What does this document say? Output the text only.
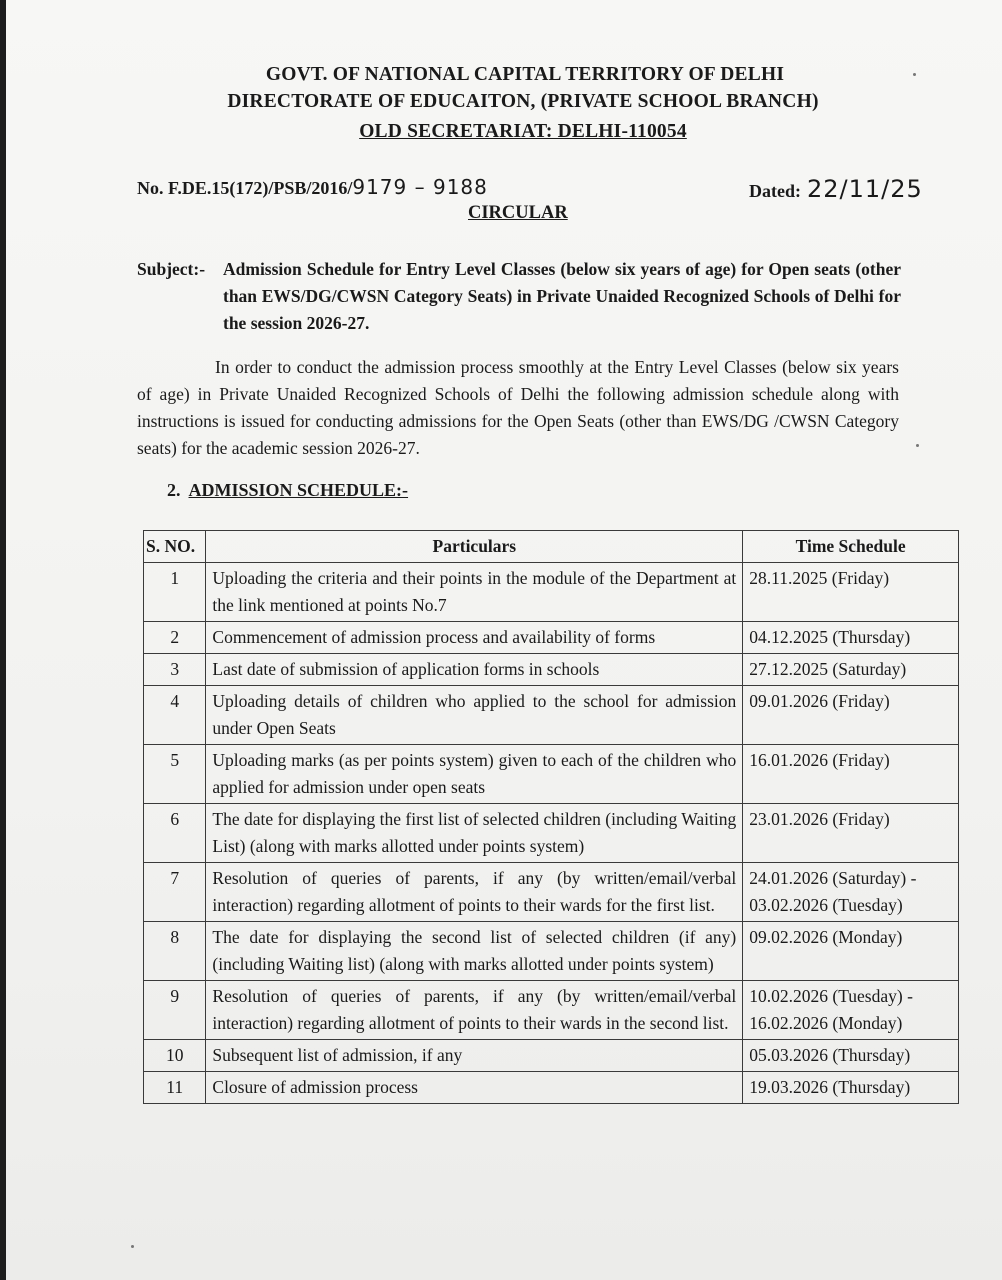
GOVT. OF NATIONAL CAPITAL TERRITORY OF DELHI
DIRECTORATE OF EDUCAITON, (PRIVATE SCHOOL BRANCH)
OLD SECRETARIAT: DELHI-110054
No. F.DE.15(172)/PSB/2016/9179 – 9188	Dated: 22/11/25
CIRCULAR
Subject:- Admission Schedule for Entry Level Classes (below six years of age) for Open seats (other than EWS/DG/CWSN Category Seats) in Private Unaided Recognized Schools of Delhi for the session 2026-27.
In order to conduct the admission process smoothly at the Entry Level Classes (below six years of age) in Private Unaided Recognized Schools of Delhi the following admission schedule along with instructions is issued for conducting admissions for the Open Seats (other than EWS/DG /CWSN Category seats) for the academic session 2026-27.
2. ADMISSION SCHEDULE:-
S. NO.	Particulars	Time Schedule
1	Uploading the criteria and their points in the module of the Department at the link mentioned at points No.7	28.11.2025 (Friday)
2	Commencement of admission process and availability of forms	04.12.2025 (Thursday)
3	Last date of submission of application forms in schools	27.12.2025 (Saturday)
4	Uploading details of children who applied to the school for admission under Open Seats	09.01.2026 (Friday)
5	Uploading marks (as per points system) given to each of the children who applied for admission under open seats	16.01.2026 (Friday)
6	The date for displaying the first list of selected children (including Waiting List) (along with marks allotted under points system)	23.01.2026 (Friday)
7	Resolution of queries of parents, if any (by written/email/verbal interaction) regarding allotment of points to their wards for the first list.	24.01.2026 (Saturday) - 03.02.2026 (Tuesday)
8	The date for displaying the second list of selected children (if any) (including Waiting list) (along with marks allotted under points system)	09.02.2026 (Monday)
9	Resolution of queries of parents, if any (by written/email/verbal interaction) regarding allotment of points to their wards in the second list.	10.02.2026 (Tuesday) - 16.02.2026 (Monday)
10	Subsequent list of admission, if any	05.03.2026 (Thursday)
11	Closure of admission process	19.03.2026 (Thursday)
